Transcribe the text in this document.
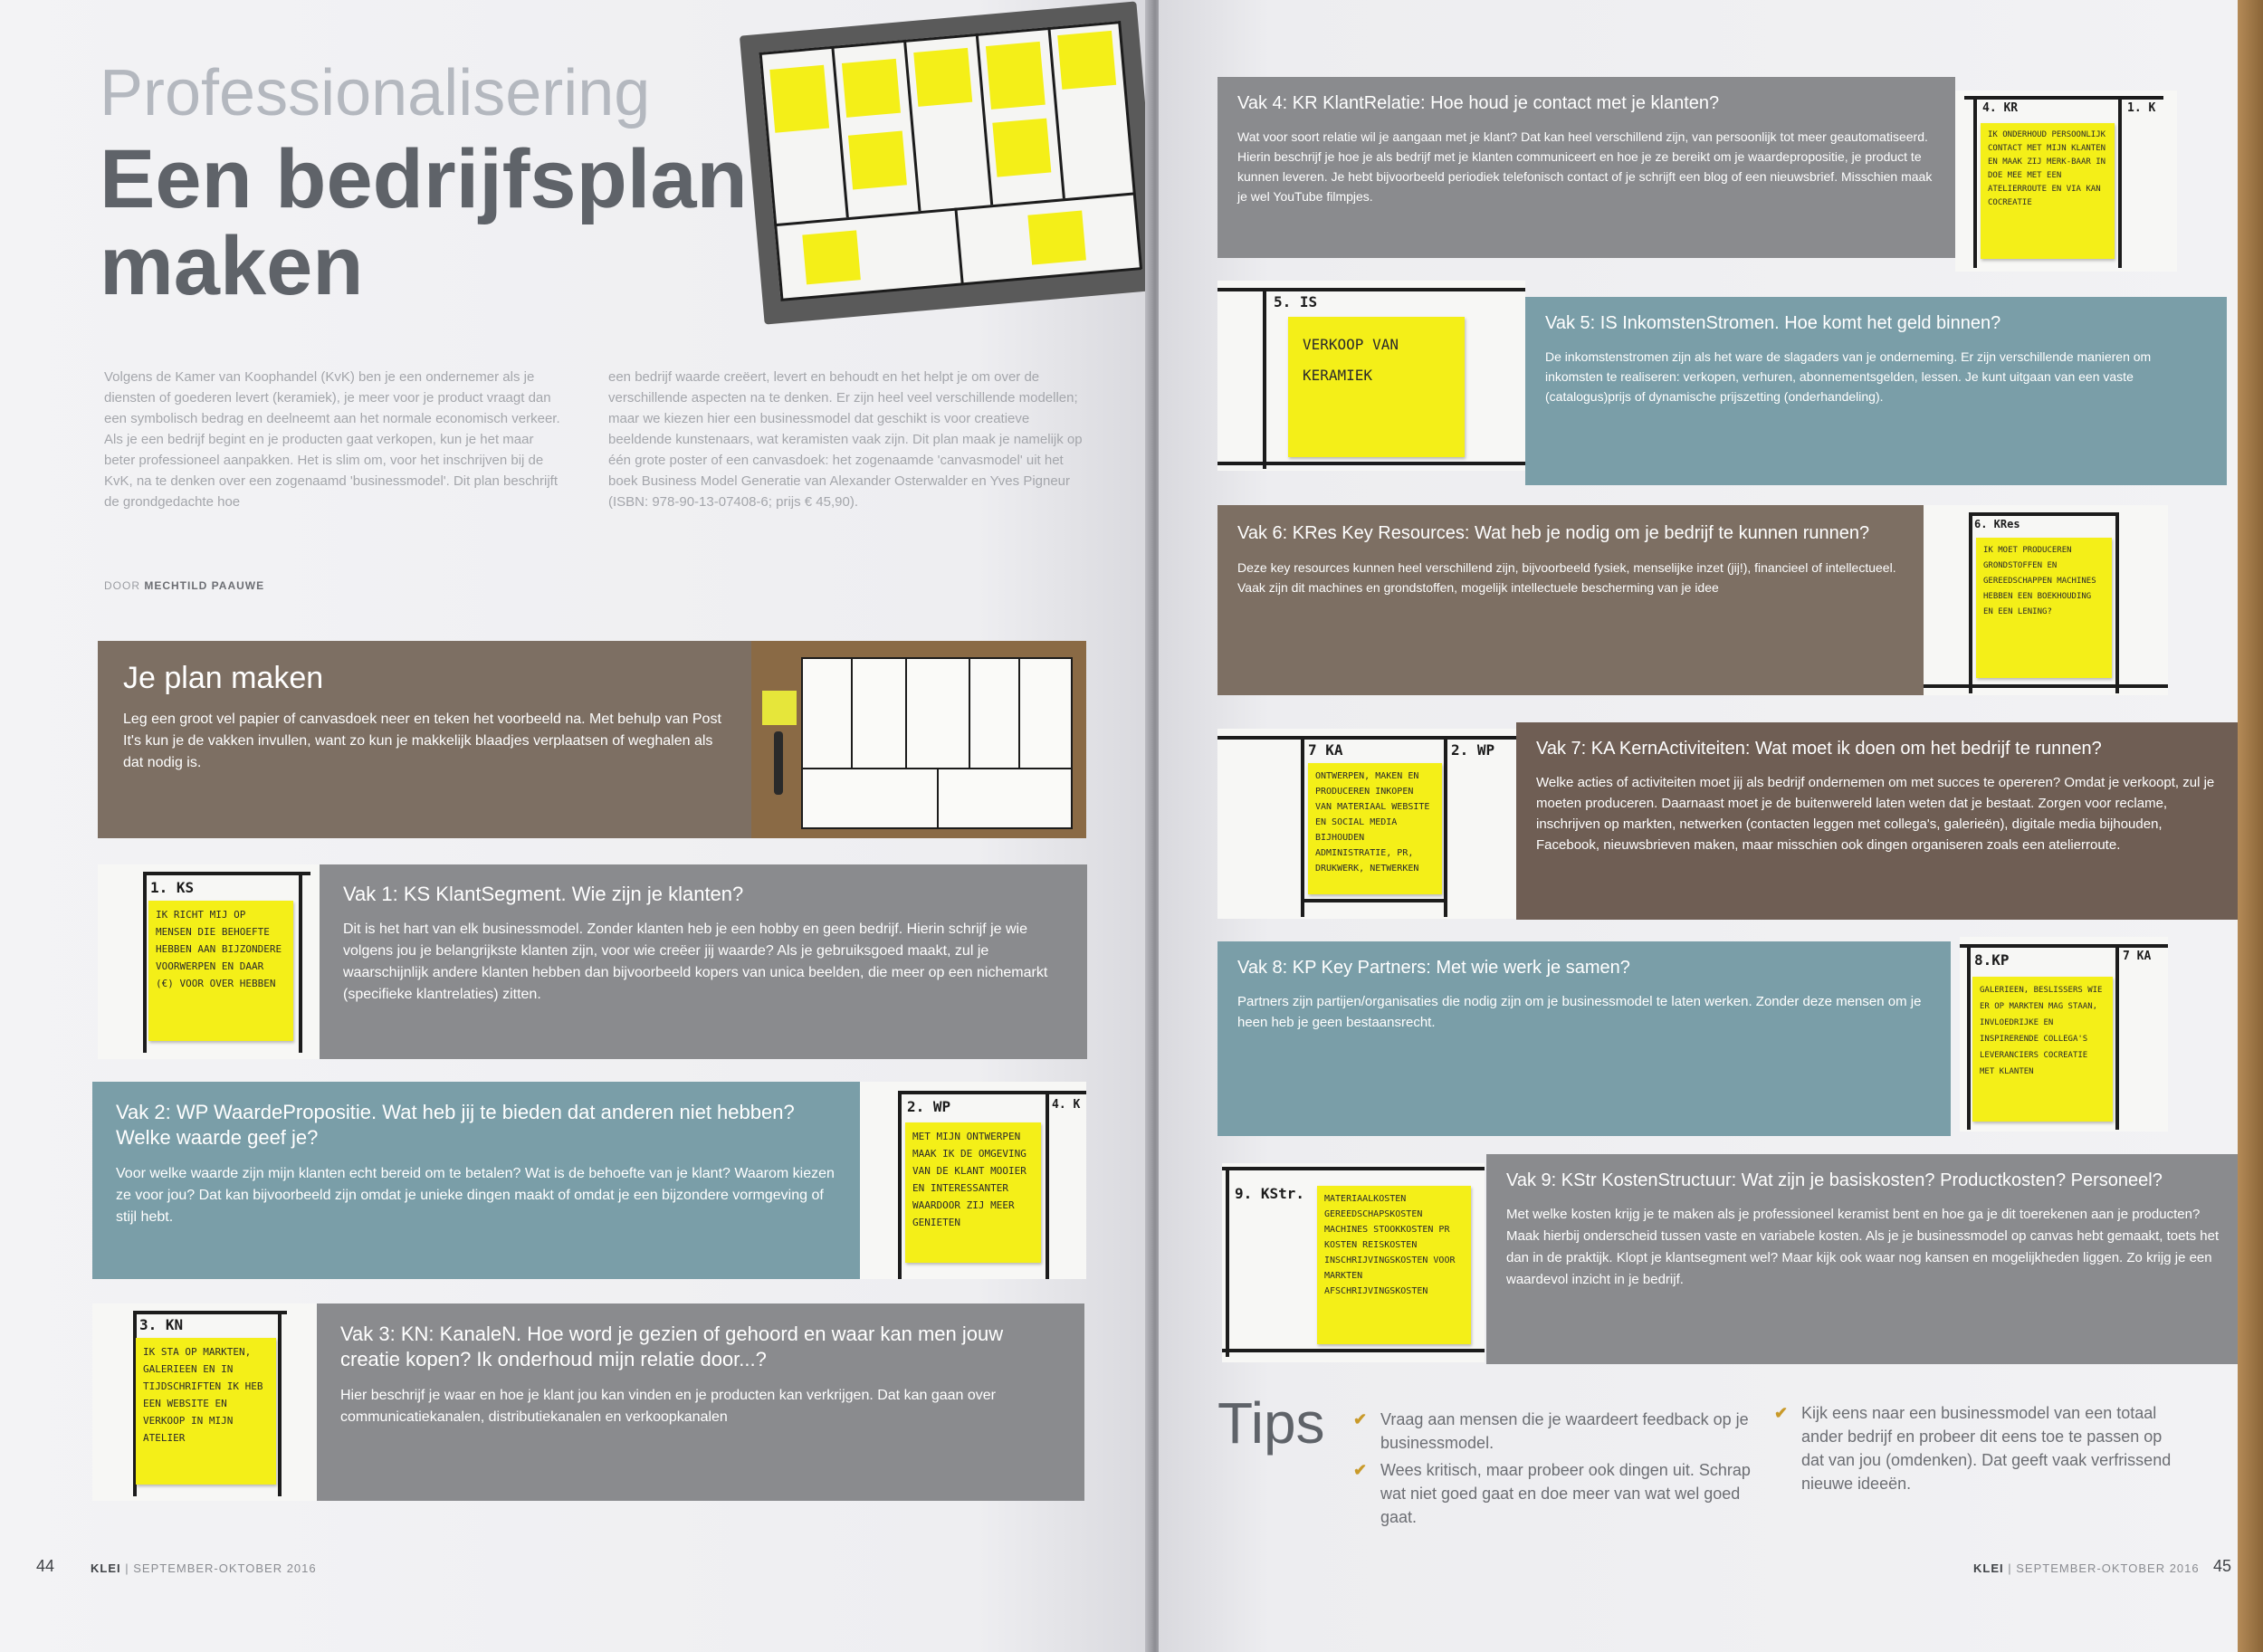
Professionalisering
Een bedrijfsplan maken
Volgens de Kamer van Koophandel (KvK) ben je een ondernemer als je diensten of goederen levert (keramiek), je meer voor je product vraagt dan een symbolisch bedrag en deelneemt aan het normale economisch verkeer. Als je een bedrijf begint en je producten gaat verkopen, kun je het maar beter professioneel aanpakken. Het is slim om, voor het inschrijven bij de KvK, na te denken over een zogenaamd 'businessmodel'. Dit plan beschrijft de grondgedachte hoe
een bedrijf waarde creëert, levert en behoudt en het helpt je om over de verschillende aspecten na te denken. Er zijn heel veel verschillende modellen; maar we kiezen hier een businessmodel dat geschikt is voor creatieve beeldende kunstenaars, wat keramisten vaak zijn. Dit plan maak je namelijk op één grote poster of een canvasdoek: het zogenaamde 'canvasmodel' uit het boek Business Model Generatie van Alexander Osterwalder en Yves Pigneur (ISBN: 978-90-13-07408-6; prijs € 45,90).
DOOR MECHTILD PAAUWE
Je plan maken

Leg een groot vel papier of canvasdoek neer en teken het voorbeeld na. Met behulp van Post It's kun je de vakken invullen, want zo kun je makkelijk blaadjes verplaatsen of weghalen als dat nodig is.

1. KS
IK RICHT MIJ OP MENSEN DIE BEHOEFTE HEBBEN AAN BIJZONDERE VOORWERPEN EN DAAR (€) VOOR OVER HEBBEN
Vak 1: KS KlantSegment. Wie zijn je klanten?

Dit is het hart van elk businessmodel. Zonder klanten heb je een hobby en geen bedrijf. Hierin schrijf je wie volgens jou je belangrijkste klanten zijn, voor wie creëer jij waarde? Als je gebruiksgoed maakt, zul je waarschijnlijk andere klanten hebben dan bijvoorbeeld kopers van unica beelden, die meer op een nichemarkt (specifieke klantrelaties) zitten.

Vak 2: WP WaardePropositie. Wat heb jij te bieden dat anderen niet hebben? Welke waarde geef je?

Voor welke waarde zijn mijn klanten echt bereid om te betalen? Wat is de behoefte van je klant? Waarom kiezen ze voor jou? Dat kan bijvoorbeeld zijn omdat je unieke dingen maakt of omdat je een bijzondere vormgeving of stijl hebt.

2. WP	4. K
MET MIJN ONTWERPEN MAAK IK DE OMGEVING VAN DE KLANT MOOIER EN INTERESSANTER WAARDOOR ZIJ MEER GENIETEN
3. KN
IK STA OP MARKTEN, GALERIEEN EN IN TIJDSCHRIFTEN IK HEB EEN WEBSITE EN VERKOOP IN MIJN ATELIER
Vak 3: KN: KanaleN. Hoe word je gezien of gehoord en waar kan men jouw creatie kopen? Ik onderhoud mijn relatie door...?

Hier beschrijf je waar en hoe je klant jou kan vinden en je producten kan verkrijgen. Dat kan gaan over communicatiekanalen, distributiekanalen en verkoopkanalen

44	KLEI | SEPTEMBER-OKTOBER 2016
Vak 4: KR KlantRelatie: Hoe houd je contact met je klanten?

Wat voor soort relatie wil je aangaan met je klant? Dat kan heel verschillend zijn, van persoonlijk tot meer geautomatiseerd. Hierin beschrijf je hoe je als bedrijf met je klanten communiceert en hoe je ze bereikt om je waardepropositie, je product te kunnen leveren. Je hebt bijvoorbeeld periodiek telefonisch contact of je schrijft een blog of een nieuwsbrief. Misschien maak je wel YouTube filmpjes.

4. KR	1. K
IK ONDERHOUD PERSOONLIJK CONTACT MET MIJN KLANTEN EN MAAK ZIJ MERK-BAAR IN DOE MEE MET EEN ATELIERROUTE EN VIA KAN COCREATIE
5. IS
VERKOOP VAN KERAMIEK
Vak 5: IS InkomstenStromen. Hoe komt het geld binnen?

De inkomstenstromen zijn als het ware de slagaders van je onderneming. Er zijn verschillende manieren om inkomsten te realiseren: verkopen, verhuren, abonnementsgelden, lessen. Je kunt uitgaan van een vaste (catalogus)prijs of dynamische prijszetting (onderhandeling).

Vak 6: KRes Key Resources: Wat heb je nodig om je bedrijf te kunnen runnen?

Deze key resources kunnen heel verschillend zijn, bijvoorbeeld fysiek, menselijke inzet (jij!), financieel of intellectueel. Vaak zijn dit machines en grondstoffen, mogelijk intellectuele bescherming van je idee

6. KRes
IK MOET PRODUCEREN GRONDSTOFFEN EN GEREEDSCHAPPEN MACHINES HEBBEN EEN BOEKHOUDING EN EEN LENING?
7 KA	2. WP
ONTWERPEN, MAKEN EN PRODUCEREN INKOPEN VAN MATERIAAL WEBSITE EN SOCIAL MEDIA BIJHOUDEN ADMINISTRATIE, PR, DRUKWERK, NETWERKEN
Vak 7: KA KernActiviteiten: Wat moet ik doen om het bedrijf te runnen?

Welke acties of activiteiten moet jij als bedrijf ondernemen om met succes te opereren? Omdat je verkoopt, zul je moeten produceren. Daarnaast moet je de buitenwereld laten weten dat je bestaat. Zorgen voor reclame, inschrijven op markten, netwerken (contacten leggen met collega's, galerieën), digitale media bijhouden, Facebook, nieuwsbrieven maken, maar misschien ook dingen organiseren zoals een atelierroute.

Vak 8: KP Key Partners: Met wie werk je samen?

Partners zijn partijen/organisaties die nodig zijn om je businessmodel te laten werken. Zonder deze mensen om je heen heb je geen bestaansrecht.

8.KP	7 KA
GALERIEEN, BESLISSERS WIE ER OP MARKTEN MAG STAAN, INVLOEDRIJKE EN INSPIRERENDE COLLEGA'S LEVERANCIERS COCREATIE MET KLANTEN
9. KStr.	MATERIAALKOSTEN GEREEDSCHAPSKOSTEN MACHINES STOOKKOSTEN PR KOSTEN REISKOSTEN INSCHRIJVINGSKOSTEN VOOR MARKTEN AFSCHRIJVINGSKOSTEN
Vak 9: KStr KostenStructuur: Wat zijn je basiskosten? Productkosten? Personeel?

Met welke kosten krijg je te maken als je professioneel keramist bent en hoe ga je dit toerekenen aan je producten? Maak hierbij onderscheid tussen vaste en variabele kosten. Als je je businessmodel op canvas hebt gemaakt, toets het dan in de praktijk. Klopt je klantsegment wel? Maar kijk ook waar nog kansen en mogelijkheden liggen. Zo krijg je een waardevol inzicht in je bedrijf.

Tips ✔ Vraag aan mensen die je waardeert feedback op je businessmodel.
✔ Wees kritisch, maar probeer ook dingen uit. Schrap wat niet goed gaat en doe meer van wat wel goed gaat.
✔ Kijk eens naar een businessmodel van een totaal ander bedrijf en probeer dit eens toe te passen op dat van jou (omdenken). Dat geeft vaak verfrissend nieuwe ideeën.
KLEI | SEPTEMBER-OKTOBER 2016 45
